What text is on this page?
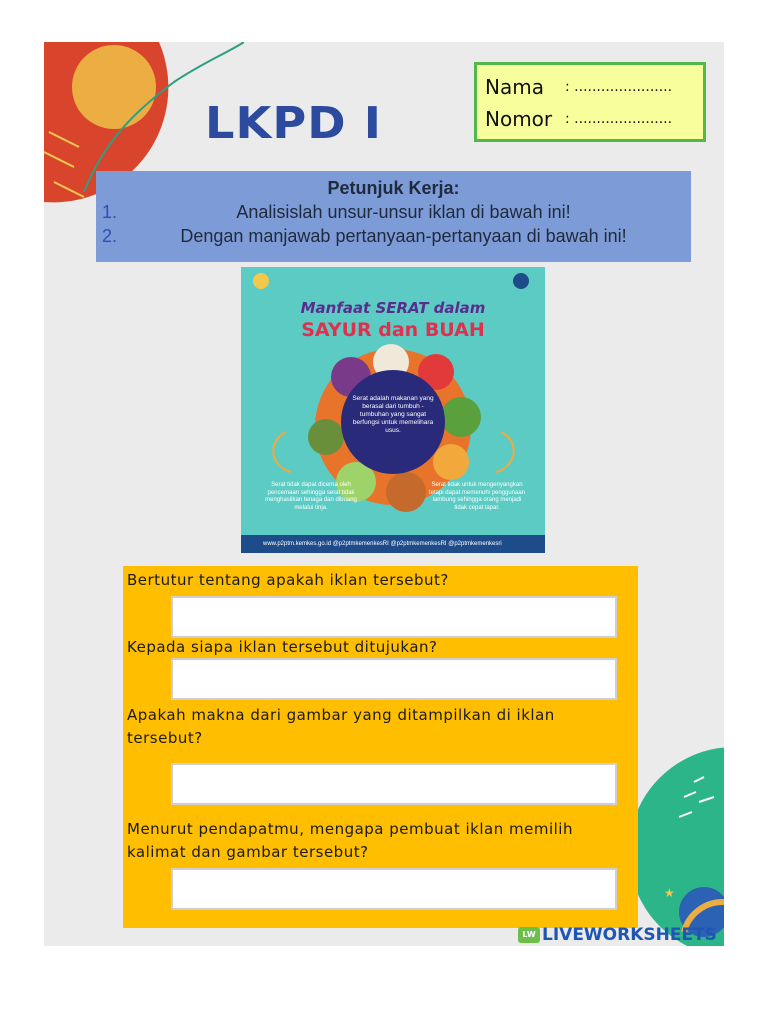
★
LKPD I
Nama	: ......................
Nomor : ......................
Petunjuk Kerja:
1.	Analisislah unsur-unsur iklan di bawah ini!
2.	Dengan manjawab pertanyaan-pertanyaan di bawah ini!
Manfaat SERAT dalam
SAYUR dan BUAH
Serat adalah makanan yang berasal dari tumbuh - tumbuhan yang sangat berfungsi untuk memelihara usus.
Serat tidak dapat dicerna oleh pencernaan sehingga serat tidak menghasilkan tenaga dan dibuang melalui tinja.
Serat tidak untuk mengenyangkan tetapi dapat memenuhi penggunaan lambung sehingga orang menjadi tidak cepat lapar.
www.p2ptm.kemkes.go.id @p2ptmkemenkesRI @p2ptmkemenkesRI @p2ptmkemenkesri
Bertutur tentang apakah iklan tersebut?
Kepada siapa iklan tersebut ditujukan?
Apakah makna dari gambar yang ditampilkan di iklan tersebut?
Menurut pendapatmu, mengapa pembuat iklan memilih kalimat dan gambar tersebut?
LW LIVEWORKSHEETS
